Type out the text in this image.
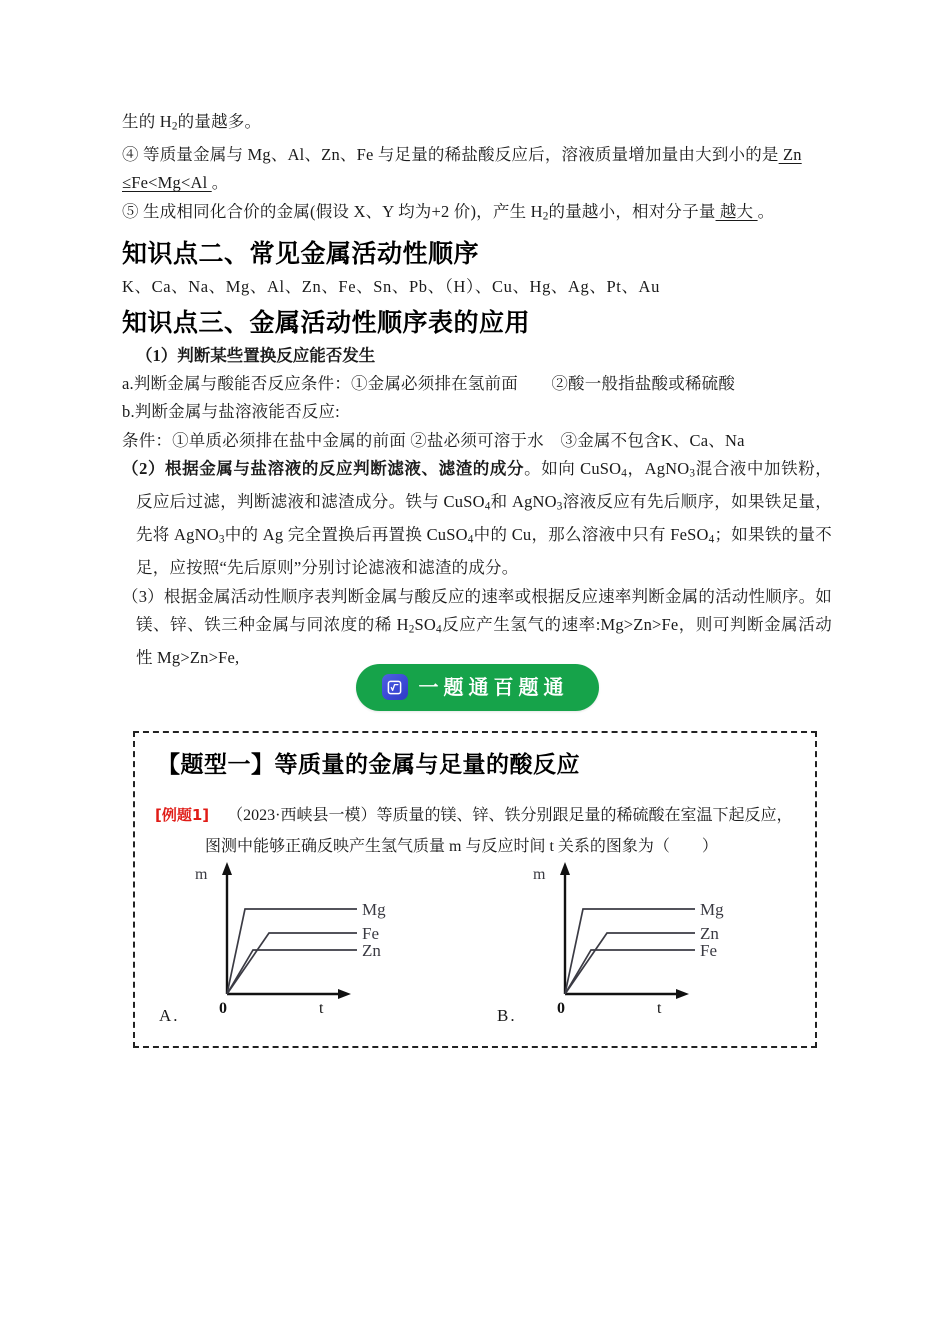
生的 $H_2$的量越多。

④ 等质量金属与 Mg、Al、Zn、Fe 与足量的稀盐酸反应后，溶液质量增加量由大到小的是 Zn
≤Fe<Mg<Al 。

⑤ 生成相同化合价的金属(假设 X、Y 均为+2 价)，产生 $H_2$的量越小，相对分子量 越大 。

知识点二、常见金属活动性顺序

K、Ca、Na、Mg、Al、Zn、Fe、Sn、Pb、（H）、Cu、Hg、Ag、Pt、Au

知识点三、金属活动性顺序表的应用

（1）判断某些置换反应能否发生

a.判断金属与酸能否反应条件：①金属必须排在氢前面　　②酸一般指盐酸或稀硫酸

b.判断金属与盐溶液能否反应:

条件：①单质必须排在盐中金属的前面 ②盐必须可溶于水　③金属不包含K、Ca、Na

（2）根据金属与盐溶液的反应判断滤液、滤渣的成分。如向 CuSO$_4$，AgNO$_3$混合液中加铁粉，反应后过滤，判断滤液和滤渣成分。铁与 CuSO$_4$和 AgNO$_3$溶液反应有先后顺序，如果铁足量，先将 AgNO$_3$中的 Ag 完全置换后再置换 CuSO$_4$中的 Cu，那么溶液中只有 FeSO$_4$；如果铁的量不足，应按照“先后原则”分别讨论滤液和滤渣的成分。

（3）根据金属活动性顺序表判断金属与酸反应的速率或根据反应速率判断金属的活动性顺序。如镁、锌、铁三种金属与同浓度的稀 $H_2SO_4$反应产生氢气的速率:Mg>Zn>Fe，则可判断金属活动性 Mg>Zn>Fe,

一题通百题通
【题型一】等质量的金属与足量的酸反应
[例题1] （2023·西峡县一模）等质量的镁、锌、铁分别跟足量的稀硫酸在室温下起反应，
图测中能够正确反映产生氢气质量 m 与反应时间 t 关系的图象为（　　）
m
0	t
Mg
Fe
Zn
A.
m
0	t
Mg
Zn
Fe
B.
